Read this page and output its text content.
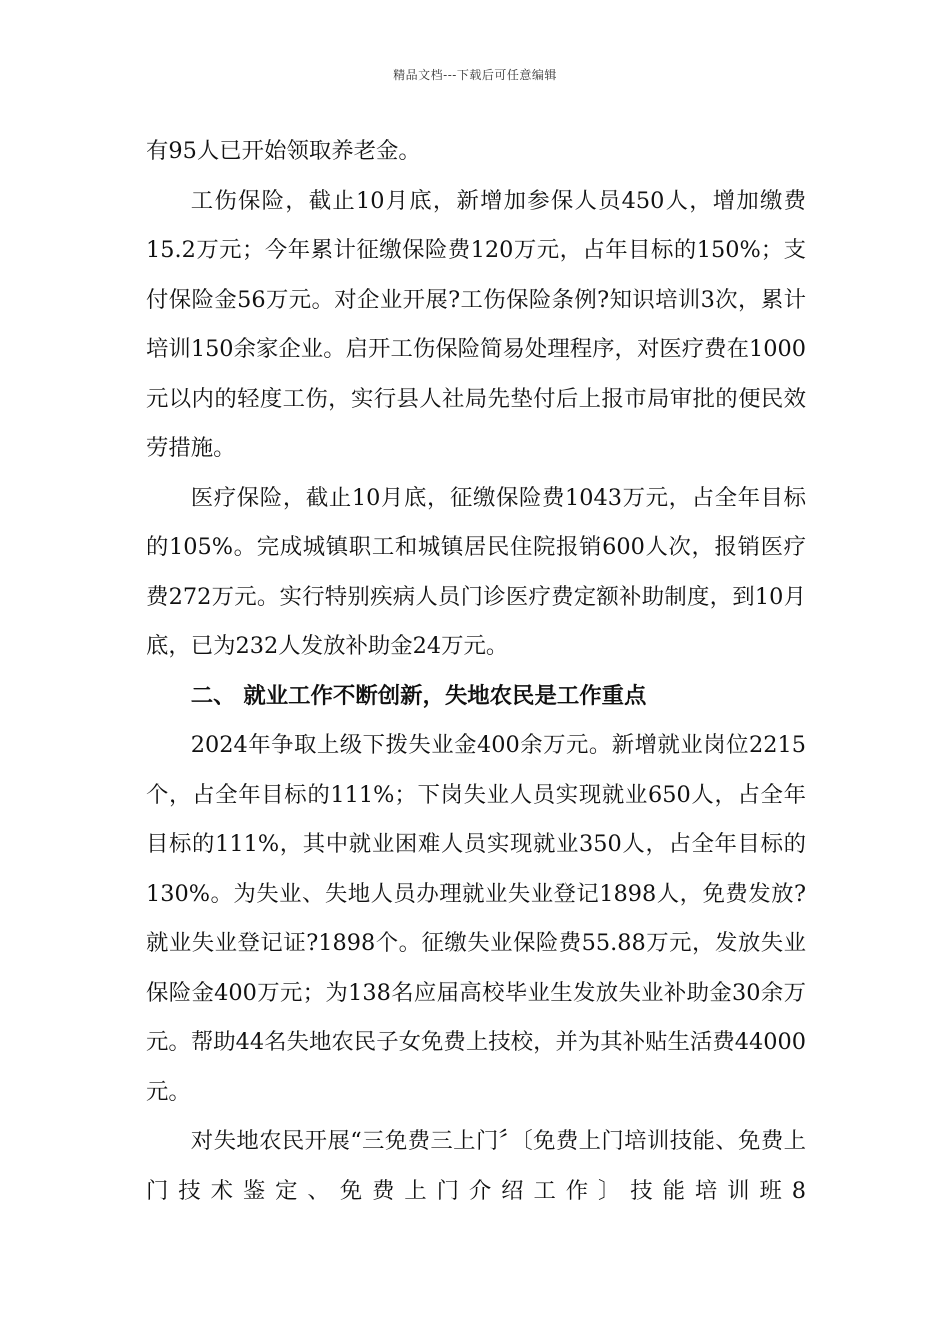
精品文档---下载后可任意编辑

有95人已开始领取养老金。

工伤保险，截止10月底，新增加参保人员450人，增加缴费15.2万元；今年累计征缴保险费120万元，占年目标的150%；支付保险金56万元。对企业开展?工伤保险条例?知识培训3次，累计培训150余家企业。启开工伤保险简易处理程序，对医疗费在1000元以内的轻度工伤，实行县人社局先垫付后上报市局审批的便民效劳措施。

医疗保险，截止10月底，征缴保险费1043万元，占全年目标的105%。完成城镇职工和城镇居民住院报销600人次，报销医疗费272万元。实行特别疾病人员门诊医疗费定额补助制度，到10月底，已为232人发放补助金24万元。

二、 就业工作不断创新，失地农民是工作重点

2024年争取上级下拨失业金400余万元。新增就业岗位2215个，占全年目标的111%；下岗失业人员实现就业650人，占全年目标的111%，其中就业困难人员实现就业350人，占全年目标的130%。为失业、失地人员办理就业失业登记1898人，免费发放?就业失业登记证?1898个。征缴失业保险费55.88万元，发放失业保险金400万元；为138名应届高校毕业生发放失业补助金30余万元。帮助44名失地农民子女免费上技校，并为其补贴生活费44000元。

对失地农民开展“三免费三上门〞〔免费上门培训技能、免费上门技术鉴定、免费上门介绍工作〕技能培训班8
